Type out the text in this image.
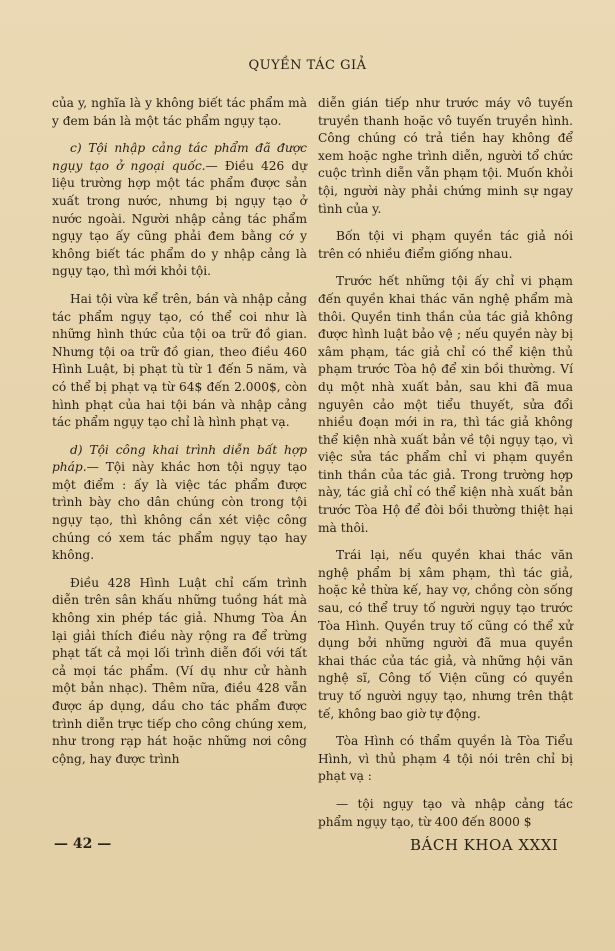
QUYỀN TÁC GIẢ

của y, nghĩa là y không biết tác phẩm mà y đem bán là một tác phẩm ngụy tạo.

c) Tội nhập cảng tác phẩm đã được ngụy tạo ở ngoại quốc.— Điều 426 dự liệu trường hợp một tác phẩm được sản xuất trong nước, nhưng bị ngụy tạo ở nước ngoài. Người nhập cảng tác phẩm ngụy tạo ấy cũng phải đem bằng cớ y không biết tác phẩm do y nhập cảng là ngụy tạo, thì mới khỏi tội.

Hai tội vừa kể trên, bán và nhập cảng tác phẩm ngụy tạo, có thể coi như là những hình thức của tội oa trữ đồ gian. Nhưng tội oa trữ đồ gian, theo điều 460 Hình Luật, bị phạt tù từ 1 đến 5 năm, và có thể bị phạt vạ từ 64$ đến 2.000$, còn hình phạt của hai tội bán và nhập cảng tác phẩm ngụy tạo chỉ là hình phạt vạ.

d) Tội công khai trình diễn bất hợp pháp.— Tội này khác hơn tội ngụy tạo một điểm : ấy là việc tác phẩm được trình bày cho dân chúng còn trong tội ngụy tạo, thì không cần xét việc công chúng có xem tác phẩm ngụy tạo hay không.

Điều 428 Hình Luật chỉ cấm trình diễn trên sân khấu những tuồng hát mà không xin phép tác giả. Nhưng Tòa Án lại giải thích điều này rộng ra để trừng phạt tất cả mọi lối trình diễn đối với tất cả mọi tác phẩm. (Ví dụ như cử hành một bản nhạc). Thêm nữa, điều 428 vẫn được áp dụng, dầu cho tác phẩm được trình diễn trực tiếp cho công chúng xem, như trong rạp hát hoặc những nơi công cộng, hay được trình

diễn gián tiếp như trước máy vô tuyến truyền thanh hoặc vô tuyến truyền hình. Công chúng có trả tiền hay không để xem hoặc nghe trình diễn, người tổ chức cuộc trình diễn vẫn phạm tội. Muốn khỏi tội, người này phải chứng minh sự ngay tình của y.

Bốn tội vi phạm quyền tác giả nói trên có nhiều điểm giống nhau.

Trước hết những tội ấy chỉ vi phạm đến quyền khai thác văn nghệ phẩm mà thôi. Quyền tinh thần của tác giả không được hình luật bảo vệ ; nếu quyền này bị xâm phạm, tác giả chỉ có thể kiện thủ phạm trước Tòa hộ để xin bồi thường. Ví dụ một nhà xuất bản, sau khi đã mua nguyên cảo một tiểu thuyết, sửa đổi nhiều đoạn mới in ra, thì tác giả không thể kiện nhà xuất bản về tội ngụy tạo, vì việc sửa tác phẩm chỉ vi phạm quyền tinh thần của tác giả. Trong trường hợp này, tác giả chỉ có thể kiện nhà xuất bản trước Tòa Hộ để đòi bồi thường thiệt hại mà thôi.

Trái lại, nếu quyền khai thác văn nghệ phẩm bị xâm phạm, thì tác giả, hoặc kẻ thừa kế, hay vợ, chồng còn sống sau, có thể truy tố người ngụy tạo trước Tòa Hình. Quyền truy tố cũng có thể xử dụng bởi những người đã mua quyền khai thác của tác giả, và những hội văn nghệ sĩ, Công tố Viện cũng có quyền truy tố người ngụy tạo, nhưng trên thật tế, không bao giờ tự động.

Tòa Hình có thẩm quyền là Tòa Tiểu Hình, vì thủ phạm 4 tội nói trên chỉ bị phạt vạ :

— tội ngụy tạo và nhập cảng tác phẩm ngụy tạo, từ 400 đến 8000 $

— 42 —	BÁCH KHOA XXXI
